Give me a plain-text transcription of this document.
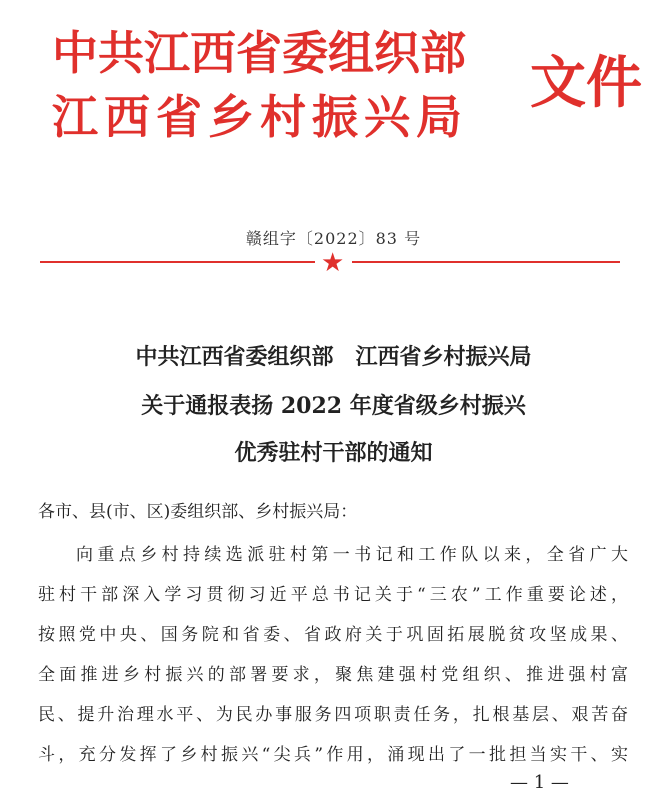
中共江西省委组织部
江西省乡村振兴局
文件
赣组字〔2022〕83 号
★
中共江西省委组织部　江西省乡村振兴局
关于通报表扬 2022 年度省级乡村振兴
优秀驻村干部的通知
各市、县(市、区)委组织部、乡村振兴局：
向重点乡村持续选派驻村第一书记和工作队以来，全省广大
驻村干部深入学习贯彻习近平总书记关于“三农”工作重要论述，
按照党中央、国务院和省委、省政府关于巩固拓展脱贫攻坚成果、
全面推进乡村振兴的部署要求，聚焦建强村党组织、推进强村富
民、提升治理水平、为民办事服务四项职责任务，扎根基层、艰苦奋
斗，充分发挥了乡村振兴“尖兵”作用，涌现出了一批担当实干、实
— 1 —
